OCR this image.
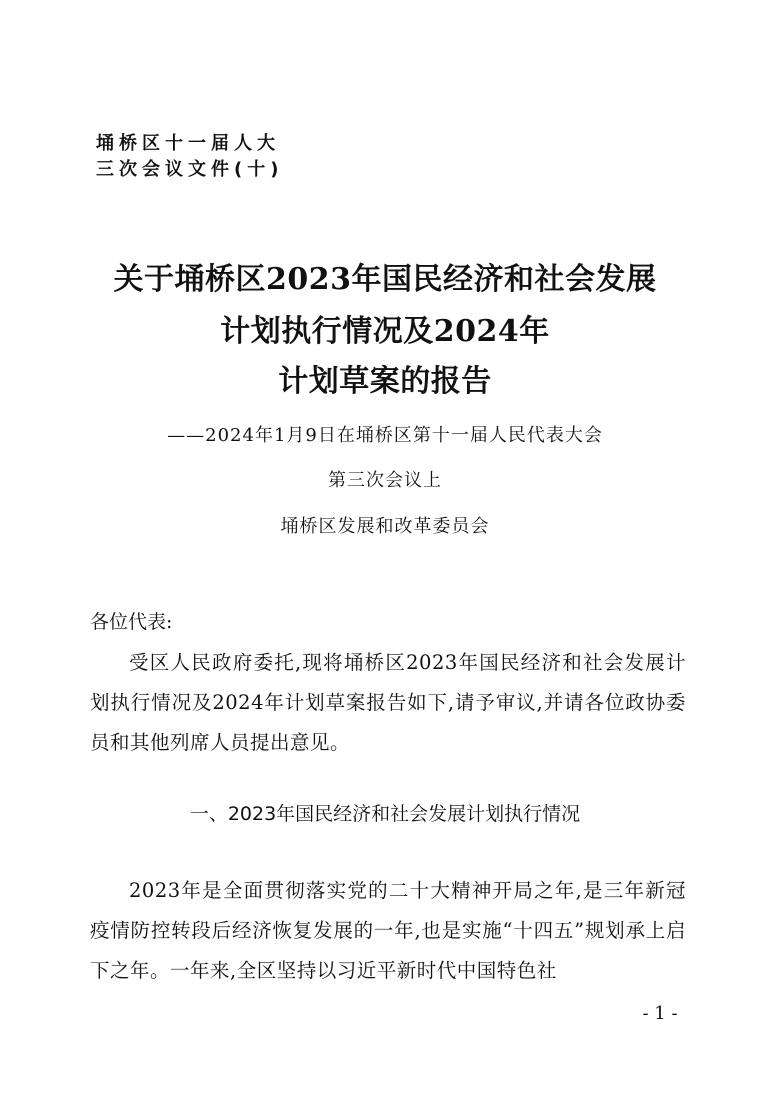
埇桥区十一届人大
三次会议文件(十)
关于埇桥区2023年国民经济和社会发展
计划执行情况及2024年
计划草案的报告
——2024年1月9日在埇桥区第十一届人民代表大会
第三次会议上
埇桥区发展和改革委员会
各位代表:
受区人民政府委托,现将埇桥区2023年国民经济和社会发展计划执行情况及2024年计划草案报告如下,请予审议,并请各位政协委员和其他列席人员提出意见。
一、2023年国民经济和社会发展计划执行情况
2023年是全面贯彻落实党的二十大精神开局之年,是三年新冠疫情防控转段后经济恢复发展的一年,也是实施“十四五”规划承上启下之年。一年来,全区坚持以习近平新时代中国特色社
- 1 -
